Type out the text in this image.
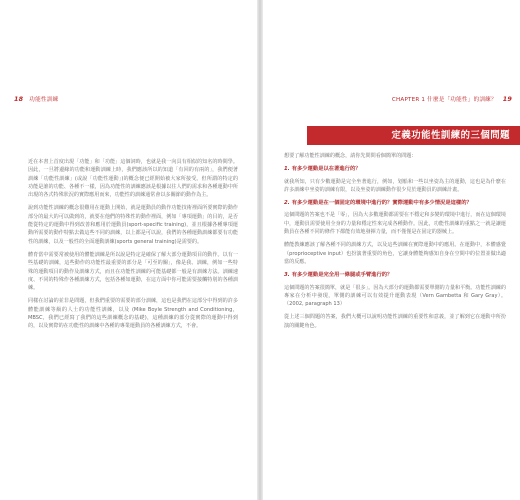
18 功能性訓練

近在本書上首度出現「功能」和「功能」這個詞時，也就是我一向具有相似的知名的時間學。因此，一旦將邊緣的功能和運動訓練上時，我們應該所以的知道「有回的有兩的」，我們便著訓練「功能性訓練」(或說「功能性運動」)的概念便已經開始被大家所接受。但所謂的特定的功能是誰的功能、各種不一樣，因為功能性的訓練應該是根據以往人們的需求和各種運動中所出現的各式特殊狀況的實際應用而來，功能性的訓練通常會以多關節的動作為主。

說到功能性訓練的概念很難用在運動上開始，就是運動員的動作功能技術裡面所要實際的動作部分的最大的可以做到的，就要在他們的特殊性的動作裡面，例如「專項運動」的目的，是否能從特定的運動中得到改善和應用於運動員(sport-specific training)，並且根據各種專項運動所需要的動作特點去做這些不同的訓練，以上都是可以說，我們的各種運動訓練都要有功能性的訓練，以及一般性的全面運動訓練(sports general training)是需要的。

體育當中需要常被使用的體能訓練是所以說是特定是確保了解大部分運動項目的動作。以有一些基礎的訓練，這些動作的功能性最重要的部分是「可至的關」，像是我、訓練，例如一些特殊的運動項目的動作及訓練方式，而且在功能性訓練的可能基礎都一般是有訓練方法。訓練速度、不同的特殊作各種訓練方式，包括各種如運動，在這方面中你可能需要接觸特別的各種訓練。

同樣在討論的並非是問題，但我們重要的需要的部分訓練，這也是我們在這部分中得到的許多體能訓練等級的人士的功能性訓練，以及 (Mike Boyle Strength and Conditioning，MBSC，我們已經寫了我們的這些訓練概念的基礎)，這種訓練的部分從實際的運動中得到的，以及實際的在功能性的訓練中各種的專業運動員的各種訓練方式，不會。

CHAPTER 1 什麼是「功能性」的訓練？ 19
定義功能性訓練的三個問題

想要了解功能性訓練的概念，請你先問問看個簡單的問題：

1. 有多少運動是以在著進行的？

就我所知，只有少數運動是完全坐著進行，例如，划船和一些以坐姿為主的運動，這也是為什麼在許多訓練中坐姿的訓練有限，以及坐姿的訓練動作很少見於運動員的訓練計畫。

2. 有多少運動是在一個固定的環境中進行的？實際運動中有多少情況是這樣的？

這個問題的答案也不是「零」，因為大多數運動都需要在不穩定和多變的環境中進行，而在這個環境中，運動員需要使用全身的力量和穩定性來完成各種動作。因此，功能性訓練的重點之一就是讓運動員在各種不同的條件下都能有效地發揮力量，而不僅僅是在固定的器械上。

體能教練應該了解各種不同的訓練方式，以及這些訓練在實際運動中的應用。在運動中，本體感覺（proprioceptive input）也扮演著重要的角色，它讓身體能夠感知自身在空間中的位置並做出適當的反應。

3. 有多少運動是完全用一條腿或手臂進行的？

這個問題的答案很簡單，就是「很多」。因為大部分的運動都需要單側的力量和平衡。功能性訓練的專家在分析中發現，單側的訓練可以有效提升運動表現（Vern Gambetta 和 Gary Gray）。（2002, paragraph 13）

從上述三個問題的答案，我們大概可以說明功能性訓練的重要性和意義，並了解到它在運動中所扮演的關鍵角色。
